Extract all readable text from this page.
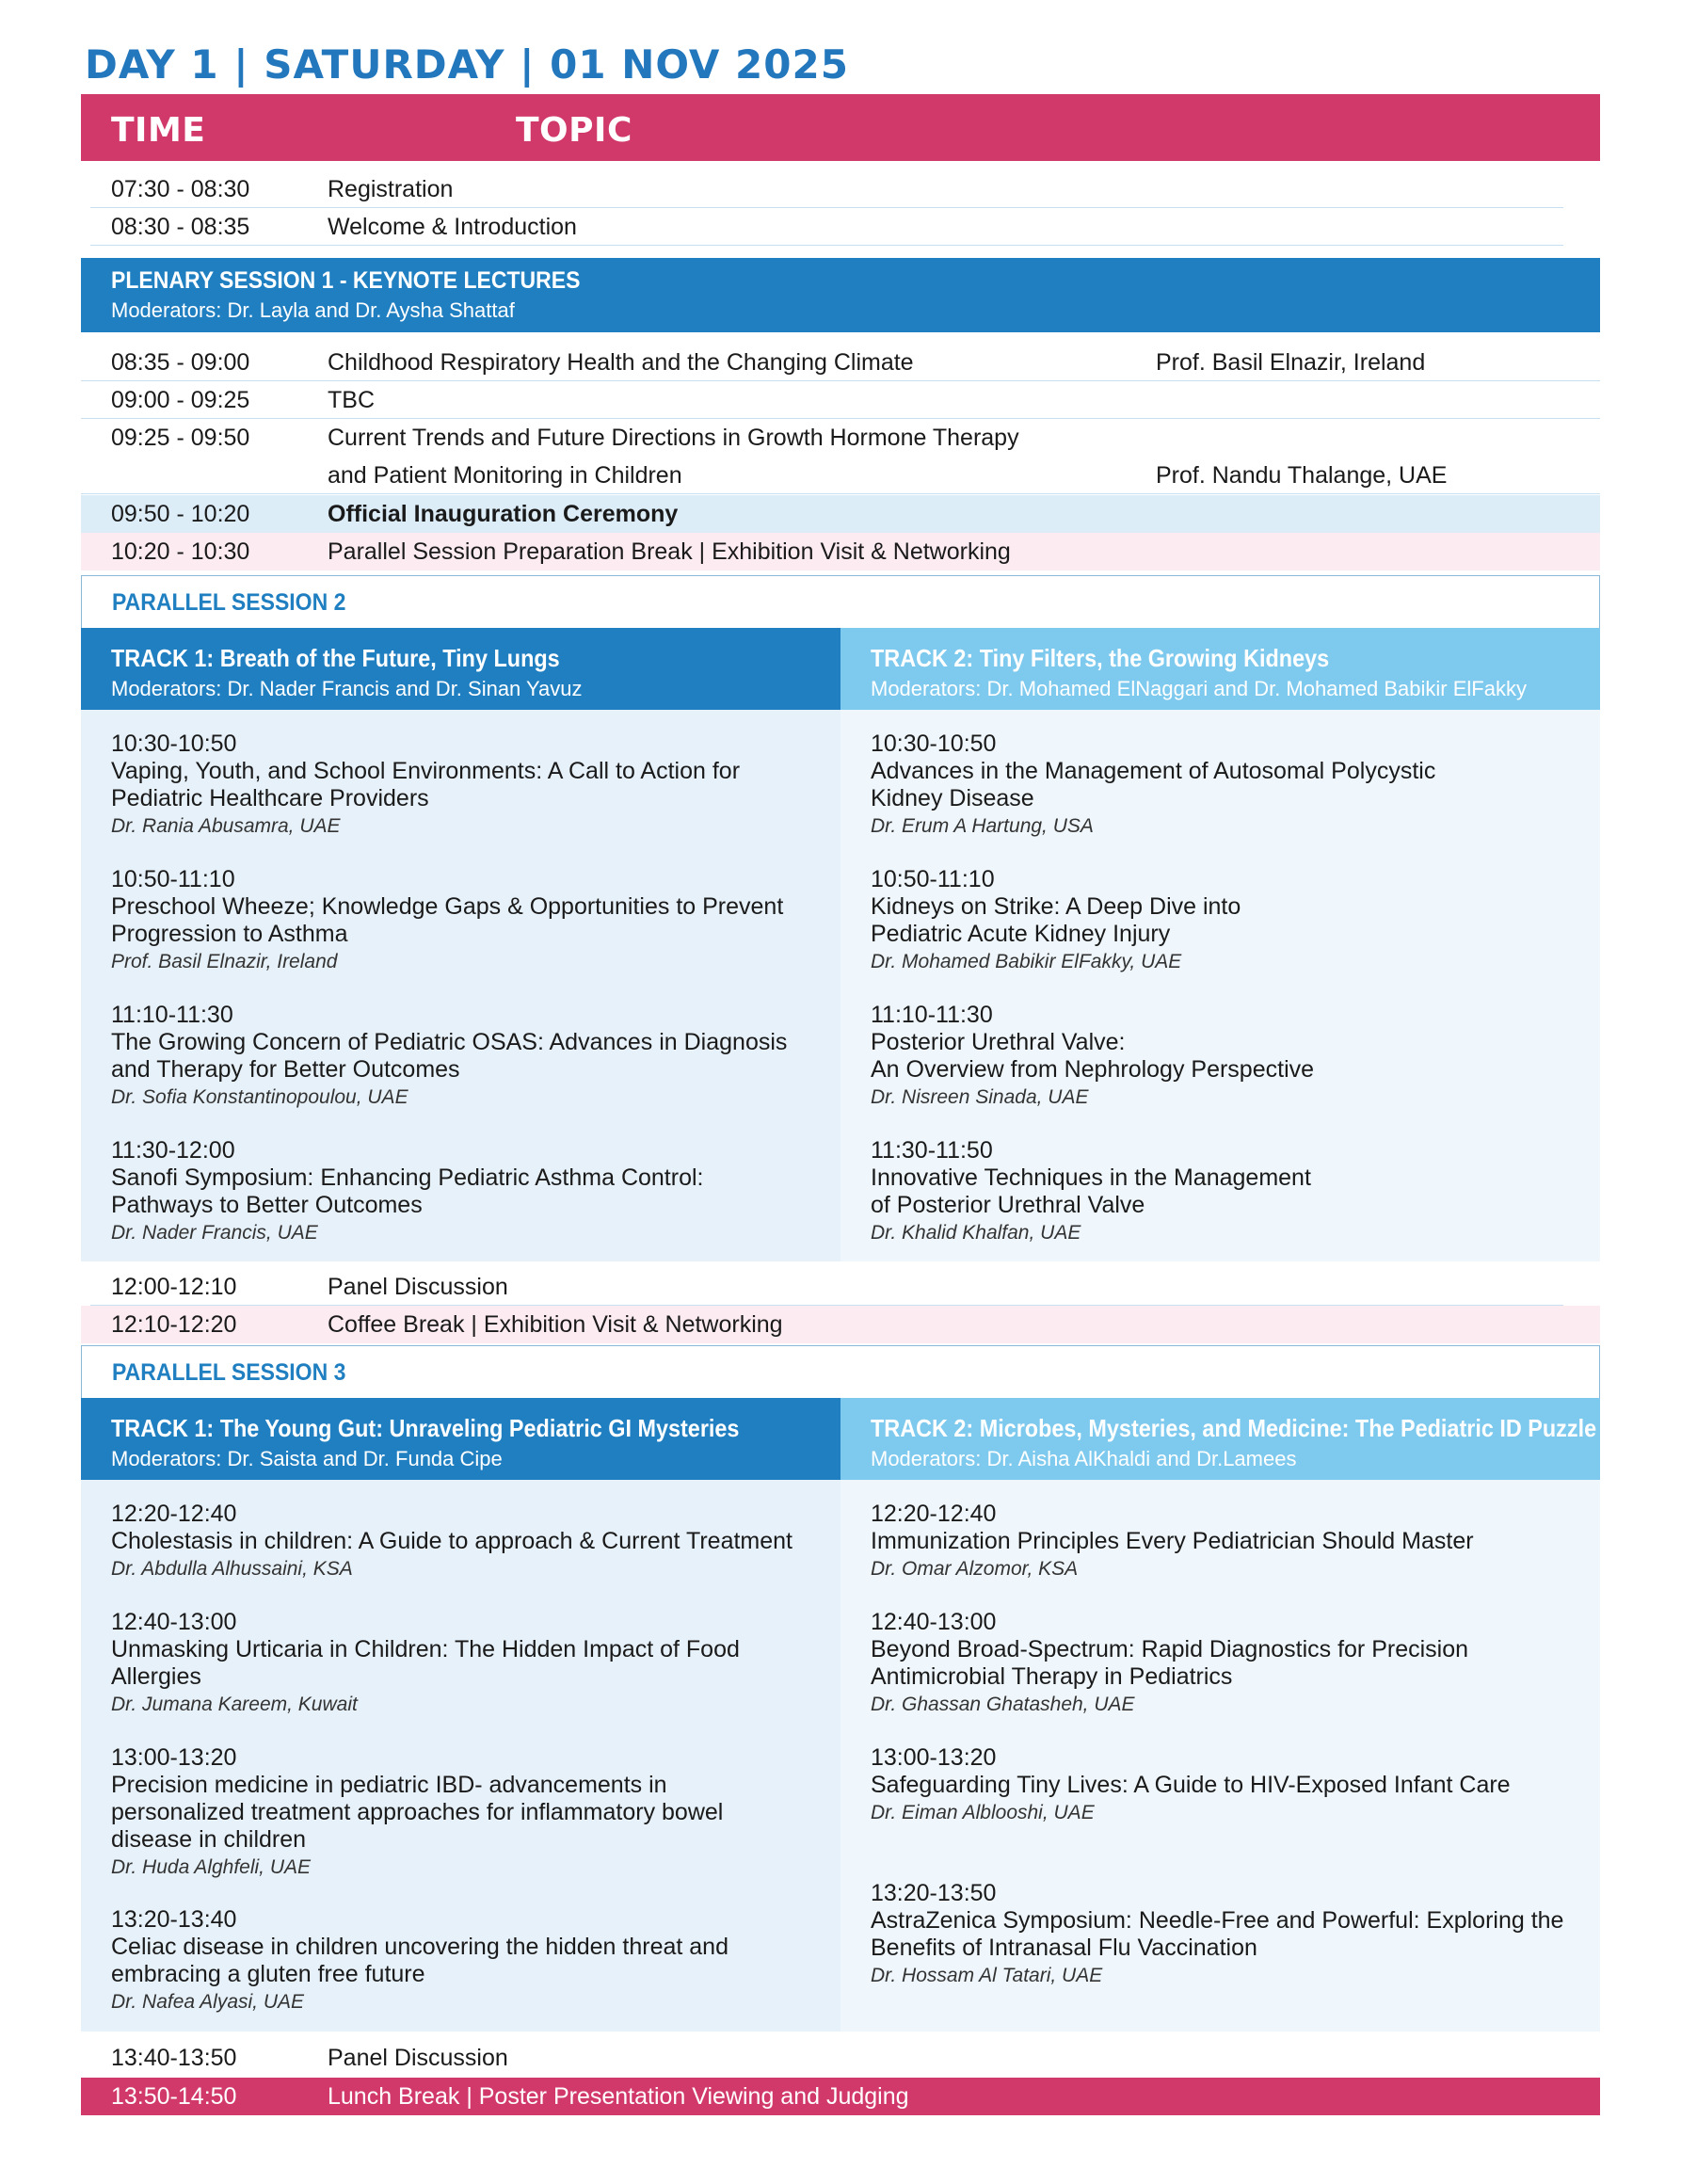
DAY 1 | SATURDAY | 01 NOV 2025
TIME	TOPIC
07:30 - 08:30	Registration
08:30 - 08:35	Welcome & Introduction
PLENARY SESSION 1 - KEYNOTE LECTURES
Moderators: Dr. Layla and Dr. Aysha Shattaf
08:35 - 09:00	Childhood Respiratory Health and the Changing Climate	Prof. Basil Elnazir, Ireland
09:00 - 09:25	TBC
09:25 - 09:50	Current Trends and Future Directions in Growth Hormone Therapy
and Patient Monitoring in Children	Prof. Nandu Thalange, UAE
09:50 - 10:20	Official Inauguration Ceremony
10:20 - 10:30	Parallel Session Preparation Break | Exhibition Visit & Networking
PARALLEL SESSION 2
TRACK 1: Breath of the Future, Tiny Lungs
Moderators: Dr. Nader Francis and Dr. Sinan Yavuz
TRACK 2: Tiny Filters, the Growing Kidneys
Moderators: Dr. Mohamed ElNaggari and Dr. Mohamed Babikir ElFakky
10:30-10:50
Vaping, Youth, and School Environments: A Call to Action for
Pediatric Healthcare Providers
Dr. Rania Abusamra, UAE
10:50-11:10
Preschool Wheeze; Knowledge Gaps & Opportunities to Prevent
Progression to Asthma
Prof. Basil Elnazir, Ireland
11:10-11:30
The Growing Concern of Pediatric OSAS: Advances in Diagnosis
and Therapy for Better Outcomes
Dr. Sofia Konstantinopoulou, UAE
11:30-12:00
Sanofi Symposium: Enhancing Pediatric Asthma Control:
Pathways to Better Outcomes
Dr. Nader Francis, UAE
10:30-10:50
Advances in the Management of Autosomal Polycystic
Kidney Disease
Dr. Erum A Hartung, USA
10:50-11:10
Kidneys on Strike: A Deep Dive into
Pediatric Acute Kidney Injury
Dr. Mohamed Babikir ElFakky, UAE
11:10-11:30
Posterior Urethral Valve:
An Overview from Nephrology Perspective
Dr. Nisreen Sinada, UAE
11:30-11:50
Innovative Techniques in the Management
of Posterior Urethral Valve
Dr. Khalid Khalfan, UAE
12:00-12:10	Panel Discussion
12:10-12:20	Coffee Break | Exhibition Visit & Networking
PARALLEL SESSION 3
TRACK 1: The Young Gut: Unraveling Pediatric GI Mysteries
Moderators: Dr. Saista and Dr. Funda Cipe
TRACK 2: Microbes, Mysteries, and Medicine: The Pediatric ID Puzzle
Moderators: Dr. Aisha AlKhaldi and Dr.Lamees
12:20-12:40
Cholestasis in children: A Guide to approach & Current Treatment
Dr. Abdulla Alhussaini, KSA
12:40-13:00
Unmasking Urticaria in Children: The Hidden Impact of Food
Allergies
Dr. Jumana Kareem, Kuwait
13:00-13:20
Precision medicine in pediatric IBD- advancements in
personalized treatment approaches for inflammatory bowel
disease in children
Dr. Huda Alghfeli, UAE
13:20-13:40
Celiac disease in children uncovering the hidden threat and
embracing a gluten free future
Dr. Nafea Alyasi, UAE
12:20-12:40
Immunization Principles Every Pediatrician Should Master
Dr. Omar Alzomor, KSA
12:40-13:00
Beyond Broad-Spectrum: Rapid Diagnostics for Precision
Antimicrobial Therapy in Pediatrics
Dr. Ghassan Ghatasheh, UAE
13:00-13:20
Safeguarding Tiny Lives: A Guide to HIV-Exposed Infant Care
Dr. Eiman Alblooshi, UAE
13:20-13:50
AstraZenica Symposium: Needle-Free and Powerful: Exploring the
Benefits of Intranasal Flu Vaccination
Dr. Hossam Al Tatari, UAE
13:40-13:50	Panel Discussion
13:50-14:50	Lunch Break | Poster Presentation Viewing and Judging
